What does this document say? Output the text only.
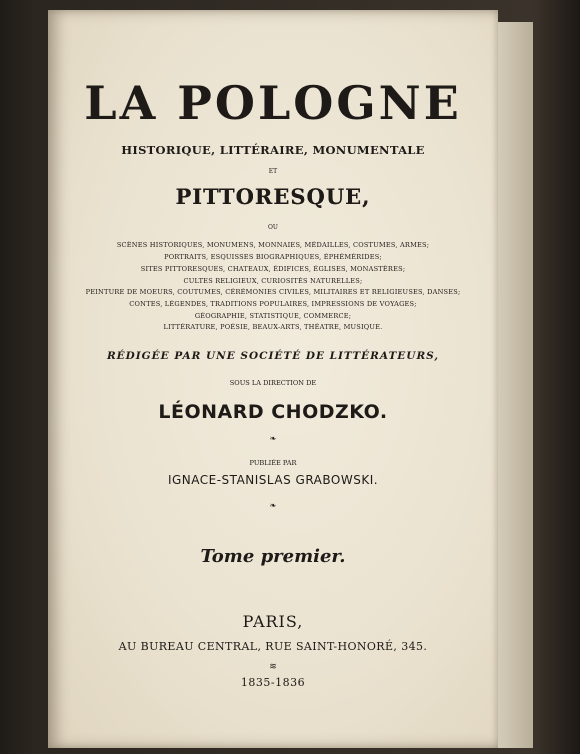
LA POLOGNE
HISTORIQUE, LITTÉRAIRE, MONUMENTALE
ET
PITTORESQUE,
OU
SCÈNES HISTORIQUES, MONUMENS, MONNAIES, MÉDAILLES, COSTUMES, ARMES;
PORTRAITS, ESQUISSES BIOGRAPHIQUES, ÉPHÉMÉRIDES;
SITES PITTORESQUES, CHATEAUX, ÉDIFICES, ÉGLISES, MONASTÈRES;
CULTES RELIGIEUX, CURIOSITÉS NATURELLES;
PEINTURE DE MOEURS, COUTUMES, CÉRÉMONIES CIVILES, MILITAIRES ET RELIGIEUSES, DANSES;
CONTES, LÉGENDES, TRADITIONS POPULAIRES, IMPRESSIONS DE VOYAGES;
GÉOGRAPHIE, STATISTIQUE, COMMERCE;
LITTÉRATURE, POÉSIE, BEAUX-ARTS, THÉATRE, MUSIQUE.
RÉDIGÉE PAR UNE SOCIÉTÉ DE LITTÉRATEURS,
SOUS LA DIRECTION DE
LÉONARD CHODZKO.
❧
PUBLIÉE PAR
IGNACE-STANISLAS GRABOWSKI.
❧
Tome premier.
PARIS,
AU BUREAU CENTRAL, RUE SAINT-HONORÉ, 345.
≋
1835-1836
